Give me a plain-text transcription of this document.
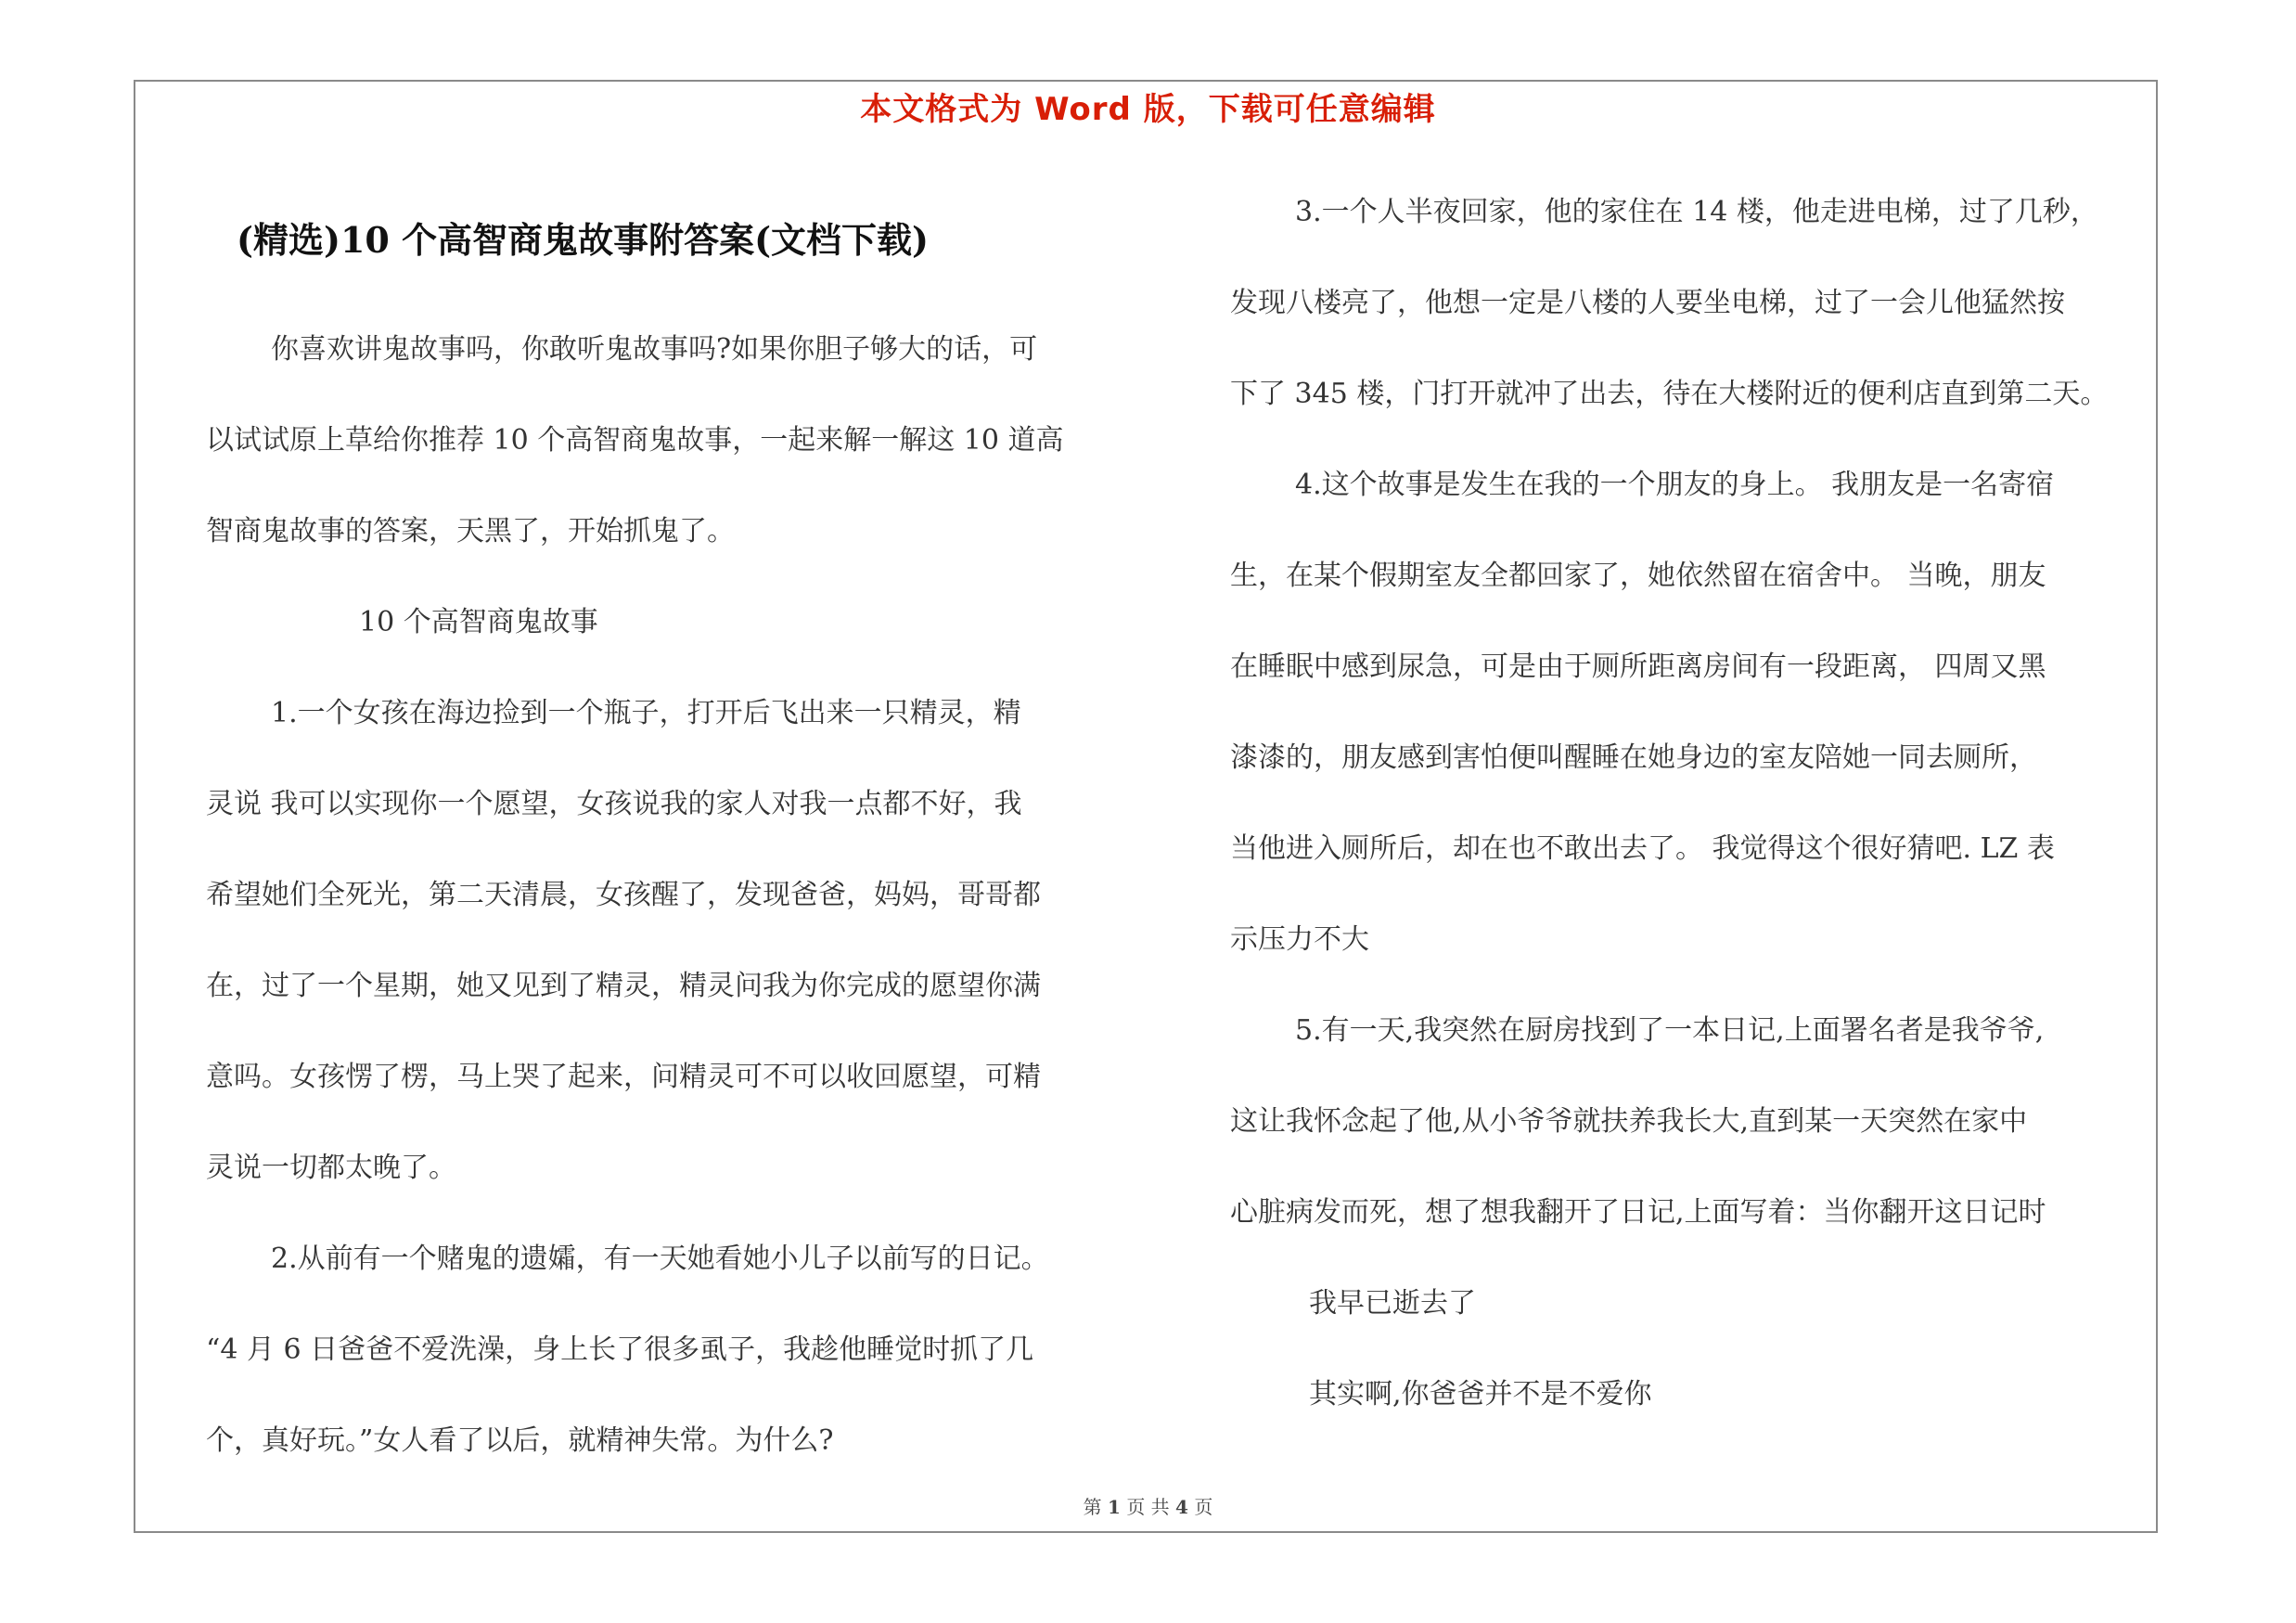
本文格式为 Word 版，下载可任意编辑
(精选)10 个高智商鬼故事附答案(文档下载)

你喜欢讲鬼故事吗，你敢听鬼故事吗?如果你胆子够大的话，可

以试试原上草给你推荐 10 个高智商鬼故事，一起来解一解这 10 道高

智商鬼故事的答案，天黑了，开始抓鬼了。

10 个高智商鬼故事

1.一个女孩在海边捡到一个瓶子，打开后飞出来一只精灵，精

灵说 我可以实现你一个愿望，女孩说我的家人对我一点都不好，我

希望她们全死光，第二天清晨，女孩醒了，发现爸爸，妈妈，哥哥都

在，过了一个星期，她又见到了精灵，精灵问我为你完成的愿望你满

意吗。女孩愣了楞，马上哭了起来，问精灵可不可以收回愿望，可精

灵说一切都太晚了。

2.从前有一个赌鬼的遗孀，有一天她看她小儿子以前写的日记。

“4 月 6 日爸爸不爱洗澡，身上长了很多虱子，我趁他睡觉时抓了几

个，真好玩。”女人看了以后，就精神失常。为什么?

3.一个人半夜回家，他的家住在 14 楼，他走进电梯，过了几秒，

发现八楼亮了，他想一定是八楼的人要坐电梯，过了一会儿他猛然按

下了 345 楼，门打开就冲了出去，待在大楼附近的便利店直到第二天。

4.这个故事是发生在我的一个朋友的身上。 我朋友是一名寄宿

生，在某个假期室友全都回家了，她依然留在宿舍中。 当晚，朋友

在睡眠中感到尿急，可是由于厕所距离房间有一段距离， 四周又黑

漆漆的，朋友感到害怕便叫醒睡在她身边的室友陪她一同去厕所，

当他进入厕所后，却在也不敢出去了。 我觉得这个很好猜吧. LZ 表

示压力不大

5.有一天,我突然在厨房找到了一本日记,上面署名者是我爷爷,

这让我怀念起了他,从小爷爷就扶养我长大,直到某一天突然在家中

心脏病发而死，想了想我翻开了日记,上面写着：当你翻开这日记时

我早已逝去了

其实啊,你爸爸并不是不爱你

第 1 页 共 4 页
